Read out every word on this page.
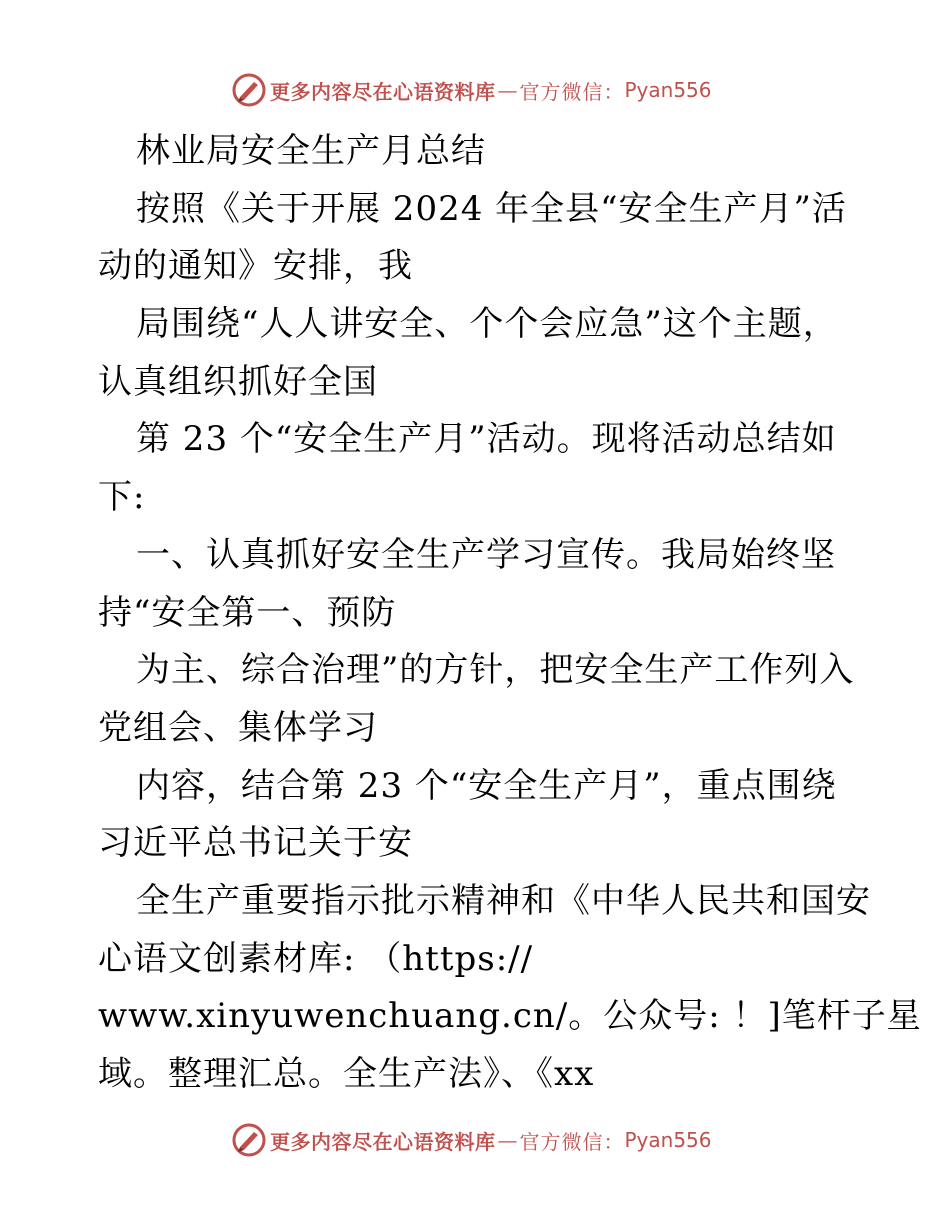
更多内容尽在心语资料库 — 官方微信： Pyan556
林业局安全生产月总结
按照《关于开展 2024 年全县“安全生产月”活
动的通知》安排，我
局围绕“人人讲安全、个个会应急”这个主题，
认真组织抓好全国
第 23 个“安全生产月”活动。现将活动总结如
下:
一、认真抓好安全生产学习宣传。我局始终坚
持“安全第一、预防
为主、综合治理”的方针，把安全生产工作列入
党组会、集体学习
内容，结合第 23 个“安全生产月”，重点围绕
习近平总书记关于安
全生产重要指示批示精神和《中华人民共和国安
心语文创素材库: （https://
www.xinyuwenchuang.cn/。公众号: ！]笔杆子星
域。整理汇总。全生产法》、《xx
更多内容尽在心语资料库 — 官方微信： Pyan556
